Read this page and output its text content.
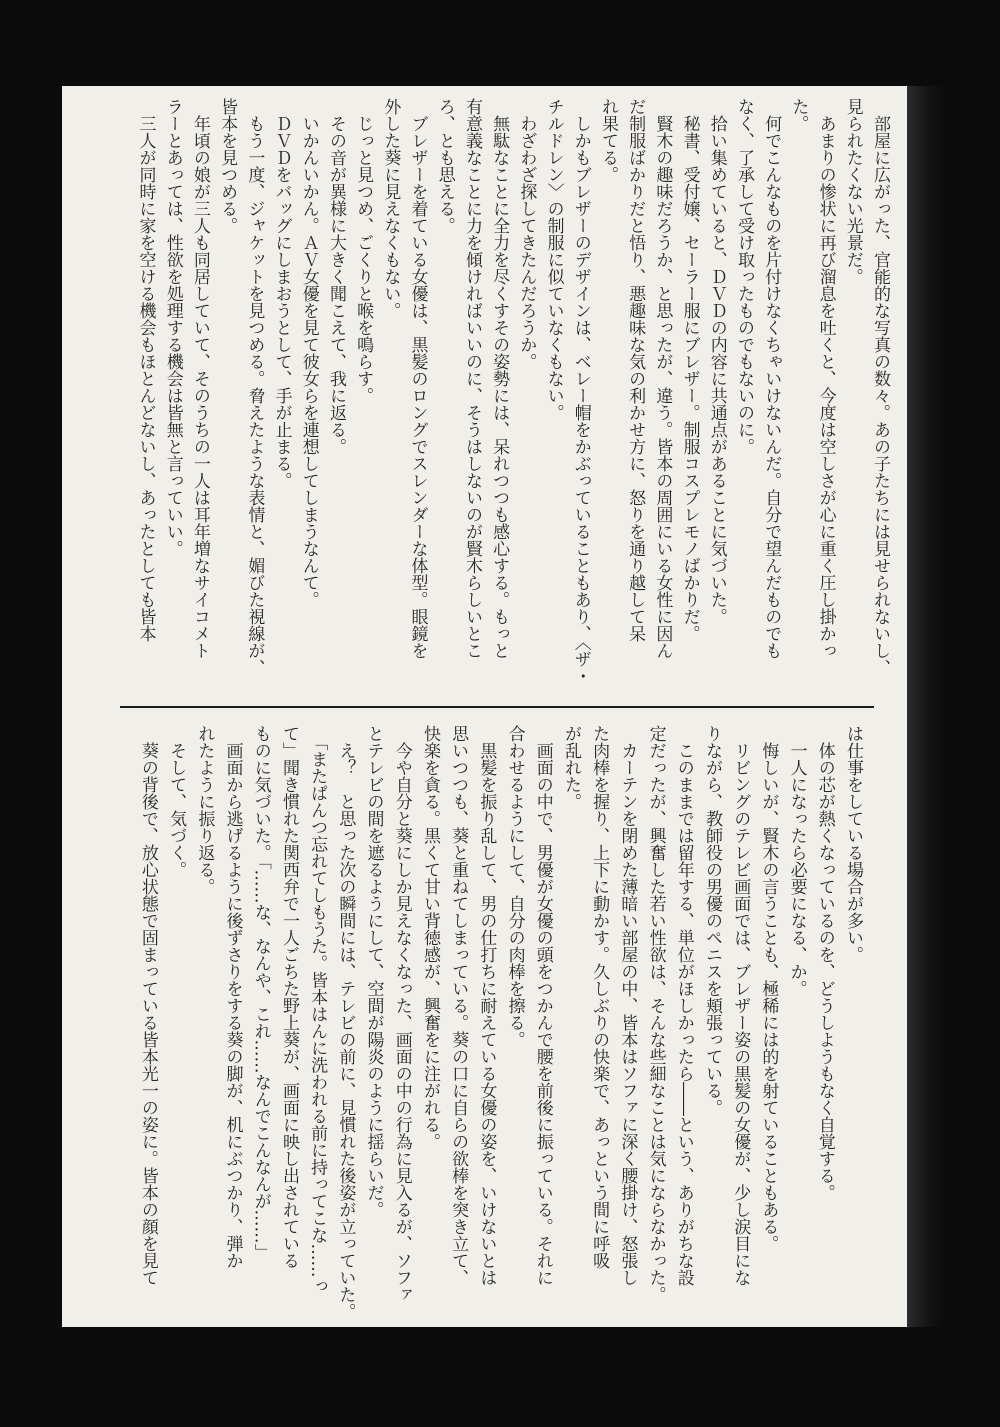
　部屋に広がった、官能的な写真の数々。あの子たちには見せられないし、

見られたくない光景だ。

　あまりの惨状に再び溜息を吐くと、今度は空しさが心に重く圧し掛かっ

た。

　何でこんなものを片付けなくちゃいけないんだ。自分で望んだものでも

なく、了承して受け取ったものでもないのに。

　拾い集めていると、ＤＶＤの内容に共通点があることに気づいた。

　秘書、受付嬢、セーラー服にブレザー。制服コスプレモノばかりだ。

　賢木の趣味だろうか、と思ったが、違う。皆本の周囲にいる女性に因ん

だ制服ばかりだと悟り、悪趣味な気の利かせ方に、怒りを通り越して呆

れ果てる。

　しかもブレザーのデザインは、ベレー帽をかぶっていることもあり、〈ザ・

チルドレン〉の制服に似ていなくもない。

　わざわざ探してきたんだろうか。

　無駄なことに全力を尽くすその姿勢には、呆れつつも感心する。もっと

有意義なことに力を傾ければいいのに、そうはしないのが賢木らしいとこ

ろ、とも思える。

　ブレザーを着ている女優は、黒髪のロングでスレンダーな体型。眼鏡を

外した葵に見えなくもない。

　じっと見つめ、ごくりと喉を鳴らす。

　その音が異様に大きく聞こえて、我に返る。

　いかんいかん。ＡＶ女優を見て彼女らを連想してしまうなんて。

　ＤＶＤをバッグにしまおうとして、手が止まる。

　もう一度、ジャケットを見つめる。脅えたような表情と、媚びた視線が、

皆本を見つめる。

　年頃の娘が三人も同居していて、そのうちの一人は耳年増なサイコメト

ラーとあっては、性欲を処理する機会は皆無と言っていい。

　三人が同時に家を空ける機会もほとんどないし、あったとしても皆本

は仕事をしている場合が多い。

　体の芯が熱くなっているのを、どうしようもなく自覚する。

　一人になったら必要になる、か。

　悔しいが、賢木の言うことも、極稀には的を射ていることもある。

　リビングのテレビ画面では、ブレザー姿の黒髪の女優が、少し涙目にな

りながら、教師役の男優のペニスを頬張っている。

　このままでは留年する、単位がほしかったら――という、ありがちな設

定だったが、興奮した若い性欲は、そんな些細なことは気にならなかった。

　カーテンを閉めた薄暗い部屋の中、皆本はソファに深く腰掛け、怒張し

た肉棒を握り、上下に動かす。久しぶりの快楽で、あっという間に呼吸

が乱れた。

　画面の中で、男優が女優の頭をつかんで腰を前後に振っている。それに

合わせるようにして、自分の肉棒を擦る。

　黒髪を振り乱して、男の仕打ちに耐えている女優の姿を、いけないとは

思いつつも、葵と重ねてしまっている。葵の口に自らの欲棒を突き立て、

快楽を貪る。黒くて甘い背徳感が、興奮をに注がれる。

　今や自分と葵にしか見えなくなった、画面の中の行為に見入るが、ソファ

とテレビの間を遮るようにして、空間が陽炎のように揺らいだ。

　え？　と思った次の瞬間には、テレビの前に、見慣れた後姿が立っていた。

　「またぱんつ忘れてしもうた。皆本はんに洗われる前に持ってこな……っ

て」聞き慣れた関西弁で一人ごちた野上葵が、画面に映し出されている

ものに気づいた。「……な、なんや、これ……なんでこんなんが……」

　画面から逃げるように後ずさりをする葵の脚が、机にぶつかり、弾か

れたように振り返る。

　そして、気づく。

　葵の背後で、放心状態で固まっている皆本光一の姿に。皆本の顔を見て
